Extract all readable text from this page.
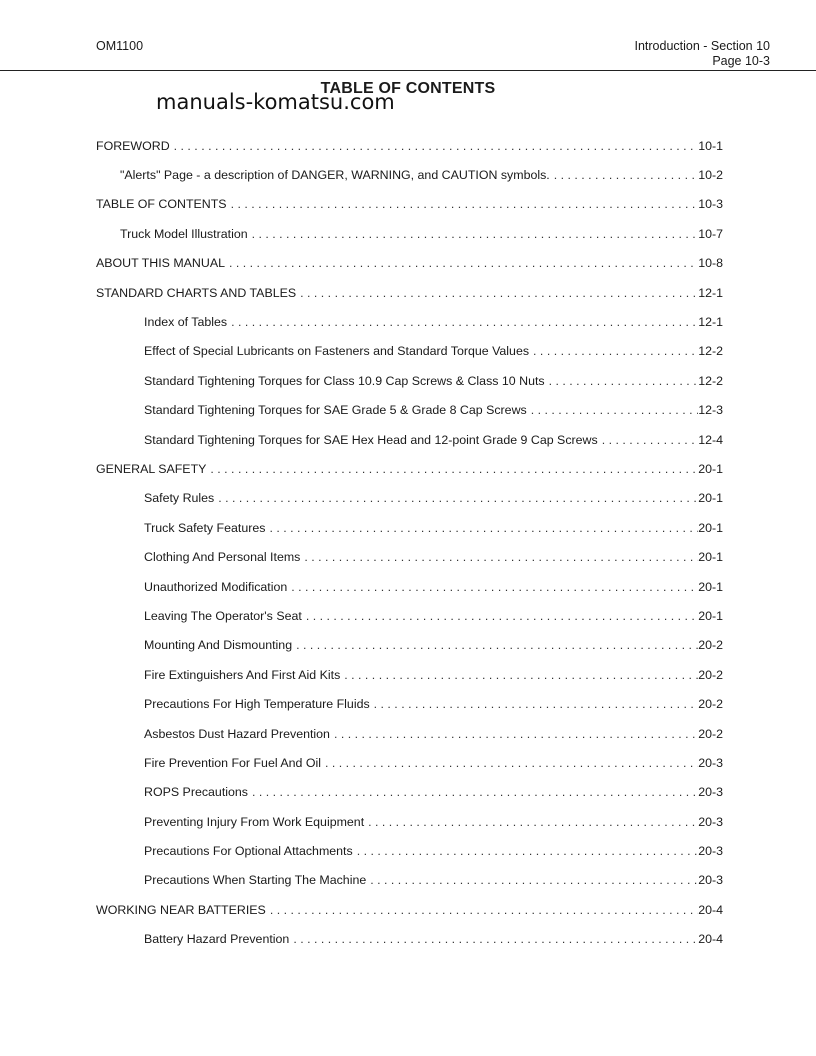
OM1100	Introduction - Section 10
Page 10-3
TABLE OF CONTENTS
manuals-komatsu.com
FOREWORD . . .	10-1
"Alerts" Page - a description of DANGER, WARNING, and CAUTION symbols. . . .	10-2
TABLE OF CONTENTS . . .	10-3
Truck Model Illustration . . .	10-7
ABOUT THIS MANUAL . . .	10-8
STANDARD CHARTS AND TABLES . . .	12-1
Index of Tables . . .	12-1
Effect of Special Lubricants on Fasteners and Standard Torque Values . . .	12-2
Standard Tightening Torques for Class 10.9 Cap Screws & Class 10 Nuts . . .	12-2
Standard Tightening Torques for SAE Grade 5 & Grade 8 Cap Screws . . .	12-3
Standard Tightening Torques for SAE Hex Head and 12-point Grade 9 Cap Screws . . .	12-4
GENERAL SAFETY . . .	20-1
Safety Rules . . .	20-1
Truck Safety Features . . .	20-1
Clothing And Personal Items . . .	20-1
Unauthorized Modification . . .	20-1
Leaving The Operator's Seat . . .	20-1
Mounting And Dismounting . . .	20-2
Fire Extinguishers And First Aid Kits . . .	20-2
Precautions For High Temperature Fluids . . .	20-2
Asbestos Dust Hazard Prevention . . .	20-2
Fire Prevention For Fuel And Oil . . .	20-3
ROPS Precautions . . .	20-3
Preventing Injury From Work Equipment . . .	20-3
Precautions For Optional Attachments . . .	20-3
Precautions When Starting The Machine . . .	20-3
WORKING NEAR BATTERIES . . .	20-4
Battery Hazard Prevention . . .	20-4
